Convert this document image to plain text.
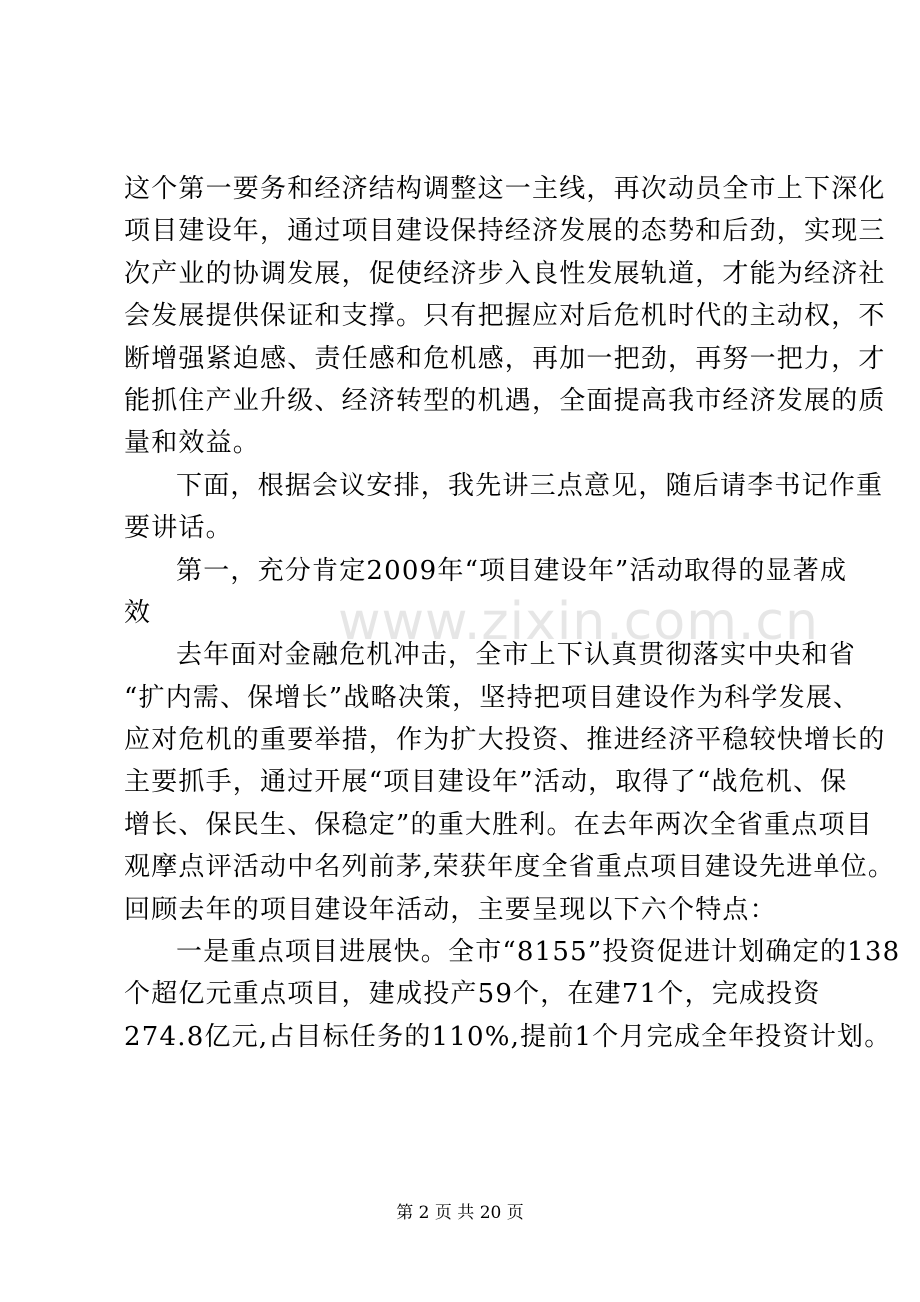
www.zixin.com.cn
这个第一要务和经济结构调整这一主线，再次动员全市上下深化
项目建设年，通过项目建设保持经济发展的态势和后劲，实现三
次产业的协调发展，促使经济步入良性发展轨道，才能为经济社
会发展提供保证和支撑。只有把握应对后危机时代的主动权，不
断增强紧迫感、责任感和危机感，再加一把劲，再努一把力，才
能抓住产业升级、经济转型的机遇，全面提高我市经济发展的质
量和效益。
下面，根据会议安排，我先讲三点意见，随后请李书记作重
要讲话。
第一，充分肯定2009年“项目建设年”活动取得的显著成
效
去年面对金融危机冲击，全市上下认真贯彻落实中央和省
“扩内需、保增长”战略决策，坚持把项目建设作为科学发展、
应对危机的重要举措，作为扩大投资、推进经济平稳较快增长的
主要抓手，通过开展“项目建设年”活动，取得了“战危机、保
增长、保民生、保稳定”的重大胜利。在去年两次全省重点项目
观摩点评活动中名列前茅,荣获年度全省重点项目建设先进单位。
回顾去年的项目建设年活动，主要呈现以下六个特点：
一是重点项目进展快。全市“8155”投资促进计划确定的138
个超亿元重点项目，建成投产59个，在建71个，完成投资
274.8亿元,占目标任务的110%,提前1个月完成全年投资计划。
第 2 页 共 20 页
